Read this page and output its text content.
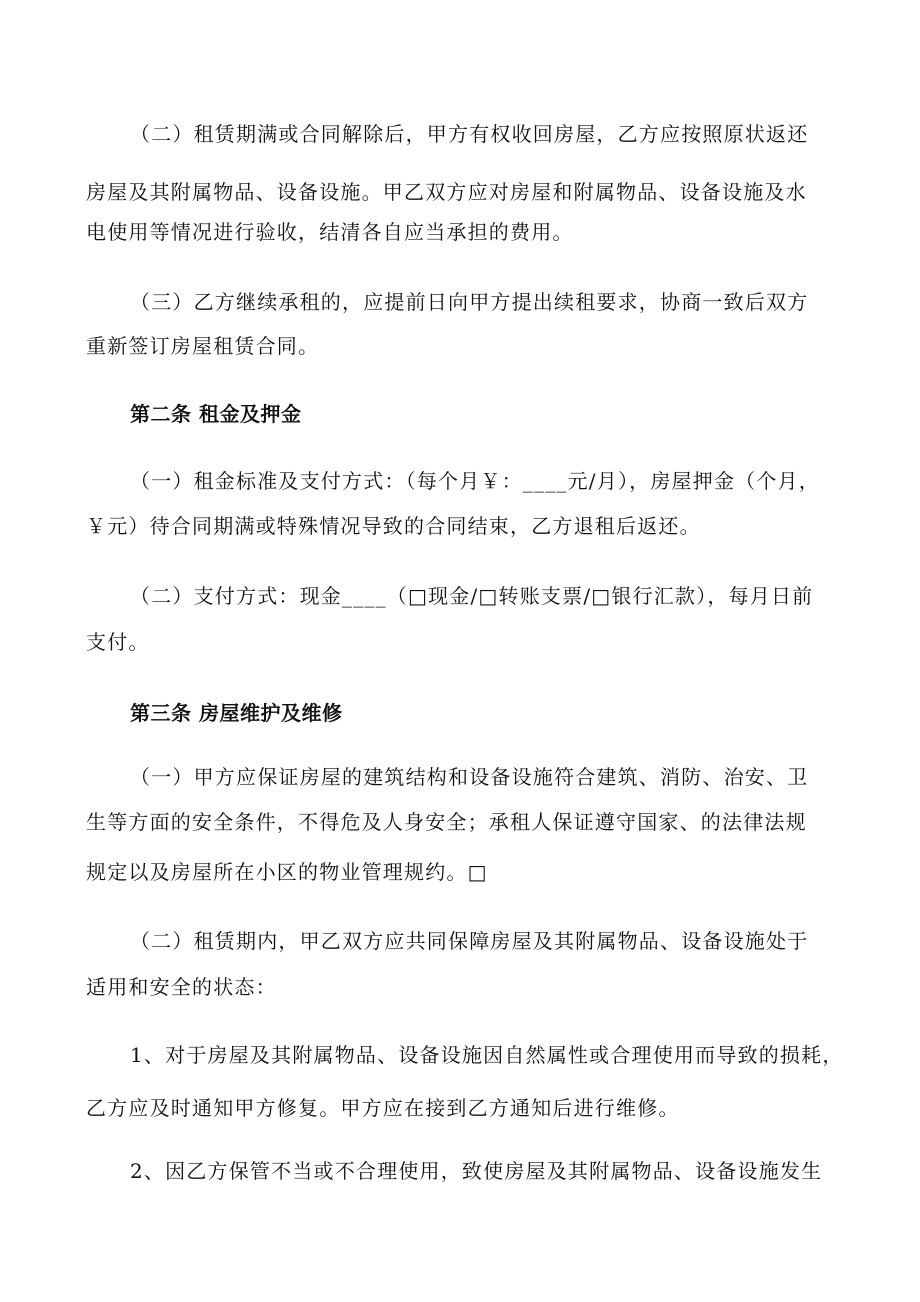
（二）租赁期满或合同解除后，甲方有权收回房屋，乙方应按照原状返还
房屋及其附属物品、设备设施。甲乙双方应对房屋和附属物品、设备设施及水
电使用等情况进行验收，结清各自应当承担的费用。
（三）乙方继续承租的，应提前日向甲方提出续租要求，协商一致后双方
重新签订房屋租赁合同。
第二条 租金及押金
（一）租金标准及支付方式：（每个月￥：____元/月），房屋押金（个月，
￥元）待合同期满或特殊情况导致的合同结束，乙方退租后返还。
（二）支付方式：现金____（□现金/□转账支票/□银行汇款），每月日前
支付。
第三条 房屋维护及维修
（一）甲方应保证房屋的建筑结构和设备设施符合建筑、消防、治安、卫
生等方面的安全条件，不得危及人身安全；承租人保证遵守国家、的法律法规
规定以及房屋所在小区的物业管理规约。□
（二）租赁期内，甲乙双方应共同保障房屋及其附属物品、设备设施处于
适用和安全的状态：
1、对于房屋及其附属物品、设备设施因自然属性或合理使用而导致的损耗，
乙方应及时通知甲方修复。甲方应在接到乙方通知后进行维修。
2、因乙方保管不当或不合理使用，致使房屋及其附属物品、设备设施发生
